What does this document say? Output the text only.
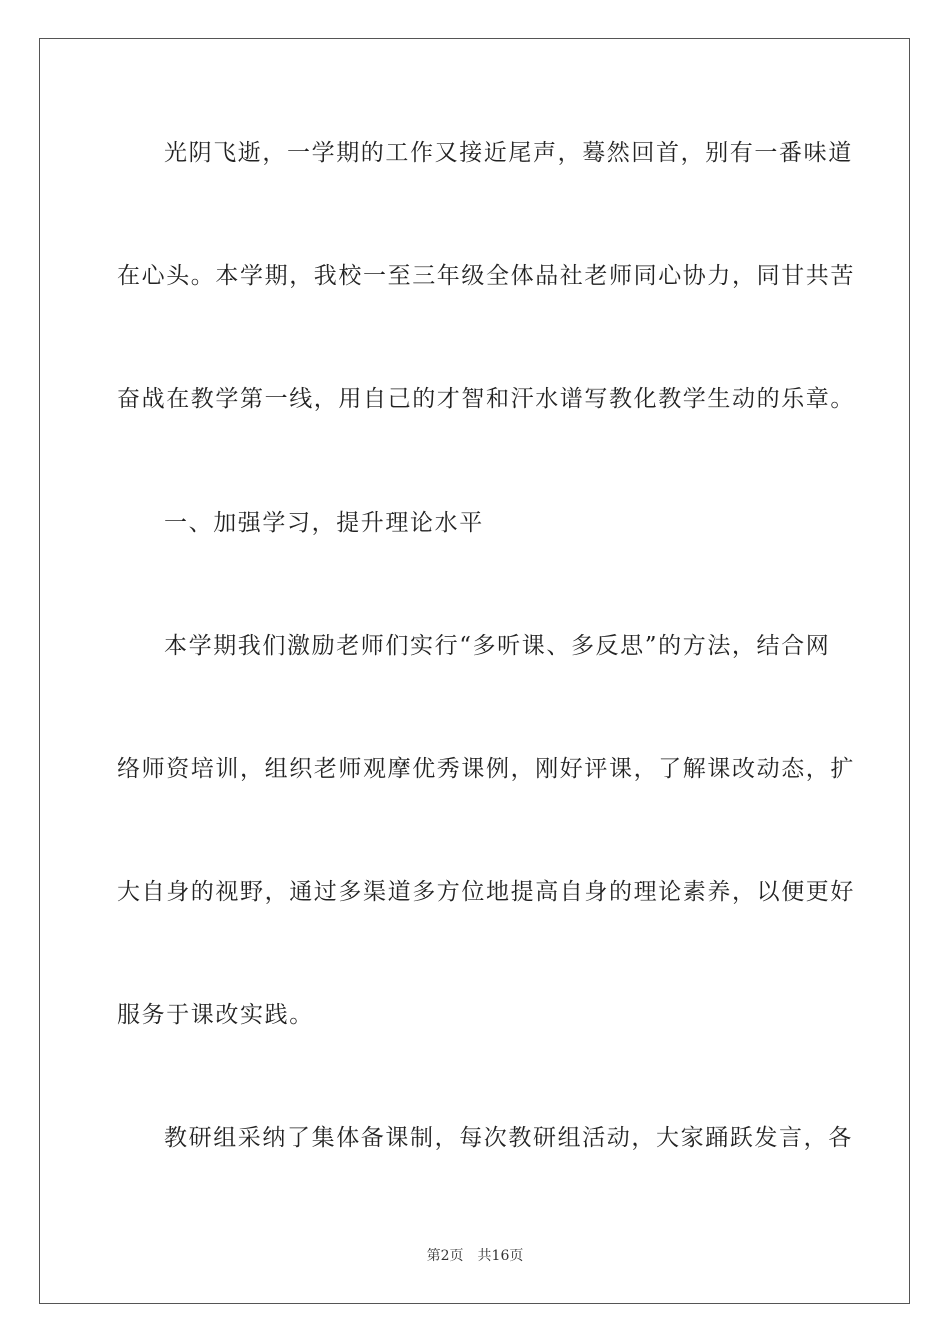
光阴飞逝，一学期的工作又接近尾声，蓦然回首，别有一番味道
在心头。本学期，我校一至三年级全体品社老师同心协力，同甘共苦
奋战在教学第一线，用自己的才智和汗水谱写教化教学生动的乐章。
一、加强学习，提升理论水平
本学期我们激励老师们实行“多听课、多反思”的方法，结合网
络师资培训，组织老师观摩优秀课例，刚好评课，了解课改动态，扩
大自身的视野，通过多渠道多方位地提高自身的理论素养，以便更好
服务于课改实践。
教研组采纳了集体备课制，每次教研组活动，大家踊跃发言，各
第2页 共16页
